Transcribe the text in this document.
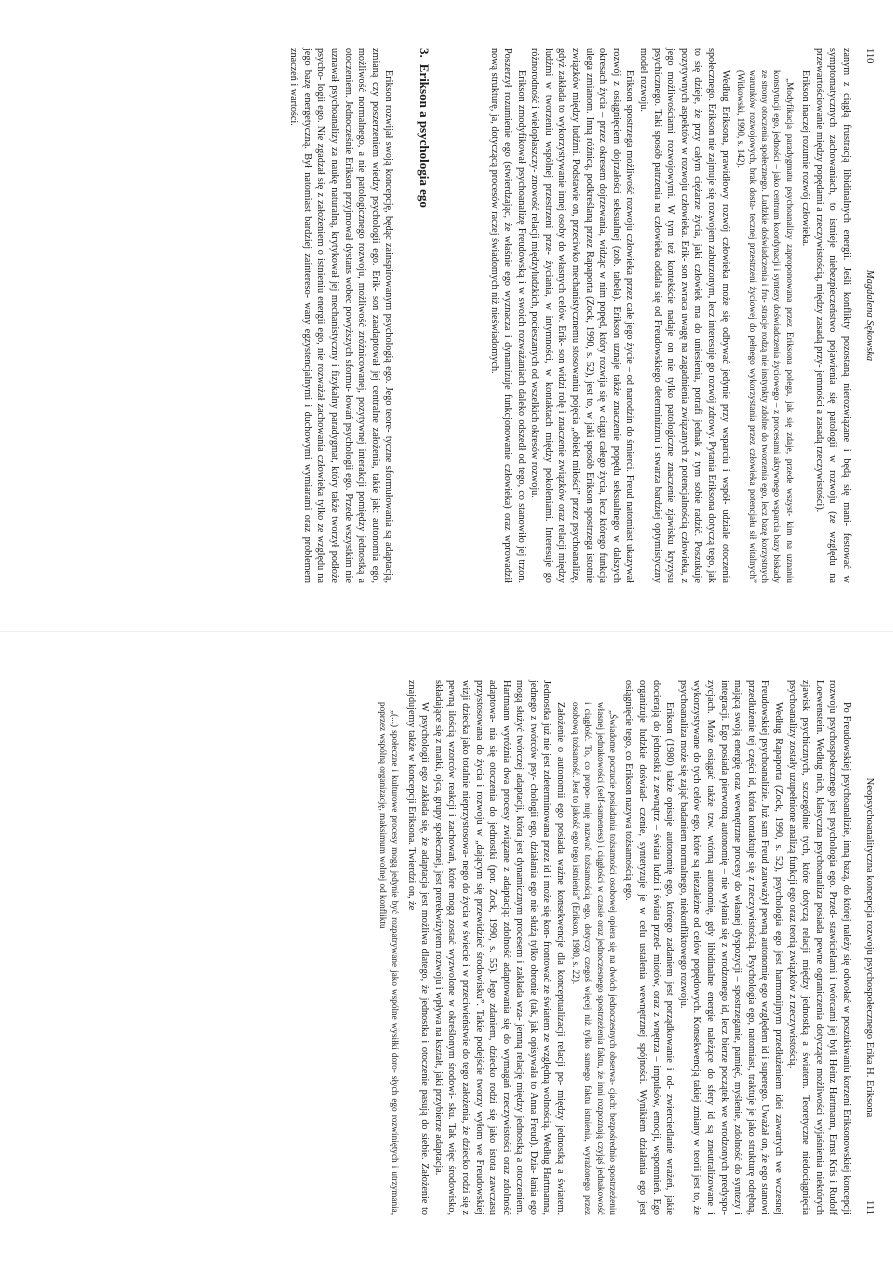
110
Magdalena Sękowska

zanym z ciągłą frustracją libidinalnych energii. Jeśli konflikty pozostaną nierozwiązane i będą się mani- festować w symptomatycznych zachowaniach, to istnieje niebezpieczeństwo pojawienia się patologii w rozwoju (ze względu na przewartościowanie między popędami a rzeczywistością, między zasadą przy- jemności a zasadą rzeczywistości).

Erikson inaczej rozumie rozwój człowieka.

„Modyfikacja paradygmatu psychoanalizy zaproponowana przez Eriksona polega, jak się zdaje, przede wszyst- kim na uznaniu konstytucji ego, jedności – jako centrum koordynacji i syntezy doświadczenia życiowego – z procesami aktywnego wsparcia bazy biskady ze strony otoczenia społecznego. Ludzkie doświadczenia i fru- stracje rodzą nie instynkty zdolne do tworzenia ego, lecz bazę korzystnych warunków rozwojowych, brak dosta- tecznej przestrzeni życiowej do pełnego wykorzystania przez człowieka potencjału sił witalnych” (Witkowski, 1990, s. 142).

Według Eriksona, prawidłowy rozwój człowieka może się odbywać jedynie przy wsparciu i współ- udziale otoczenia społecznego. Erikson nie zajmuje się rozwojem zaburzonym, lecz interesuje go rozwój zdrowy. Pytania Eriksona dotyczą tego, jak to się dzieje, że przy całym ciężarze życia, jaki człowiek ma do uniesienia, potrafi jednak z tym sobie radzić. Poszukuje pozytywnych aspektów w rozwoju człowieka. Erik- son zwraca uwagę na zagadnienia związanych z potencjalnością człowieka, z jego możliwościami rozwojowymi. W tym też kontekście nadaje on nie tylko patologiczne znaczenie zjawisku kryzysu psychicznego. Taki sposób patrzenia na człowieka oddala się od Freudowskiego determinizmu i stwarza bardziej optymistyczny model rozwoju.

Erikson spostrzega możliwość rozwoju człowieka przez całe jego życie – od narodzin do śmierci. Freud natomiast ukazywał rozwój z osiągnięciem dojrzałości seksualnej (zob. tabela). Erikson uznaje także znaczenie popędu seksualnego w dalszych okresach życia – przez okresem dojrzewania, widząc w nim popęd, który rozwija się w ciągu całego życia, lecz którego funkcja ulega zmianom. Inną różnicą, podkreślaną przez Rapaporta (Zock, 1990, s. 52), jest to, w jaki sposób Erikson spostrzega istotnie związków między ludźmi. Podstawie on, przeciwko mechanistycznemu stosowaniu pojęcia „obiekt miłości” przez psychoanalizę, gdyż zakłada to wykorzystywanie innej osoby do własnych celów. Erik- son widzi rolę i znaczenie związków oraz relacji między ludźmi w tworzeniu wspólnej przestrzeni prze- życiania, w intymności, w kontaktach między pokoleniami. Interesuje go różnorodność i wielopłaszczy- znowość relacji międzyludzkich, pocieszanych od wszelkich okresów rozwoju.

Erikson zmodyfikował psychoanalizę Freudowską i w swoich rozważaniach daleko odszedł od tego, co stanowiło jej trzon. Poszerzył rozumienie ego (stwierdzając, że właśnie ego wyznacza i dynamizuje funkcjonowanie człowieka) oraz wprowadził nową strukturę, ja, dotyczącą procesów raczej świadomych niż nieświadomych.

3.Erikson a psychologia ego

Erikson rozwijał swoją koncepcję, będąc zainspirowanym psychologią ego. Jego teore- tyczne sformułowania są adaptacją, zmianą czy poszerzeniem wiedzy psychologii ego. Erik- son zaadaptował jej centralne założenia, takie jak: autonomia ego, możliwość normalnego, a nie patologicznego rozwoju, możliwość zróżnicowanej, pozytywnej interakcji pomiędzy jednostką a otoczeniem. Jednocześnie Erikson przyjmował dystans wobec powyższych sformu- łowań psychologii ego. Przede wszystkim nie uznawał psychoanalizy za naukę naturalną, krytykował jej mechanistyczny i fizykalny paradygmat, który także tworzył podłoże psycho- logii ego. Nie zgadzał się z założeniem o istnieniu energii ego, nie rozważał zachowania człowieka tylko ze względu na jego bazę energetyczną. Był natomiast bardziej zaintereso- wany egzystencjalnymi i duchowymi wymiarami oraz problemem znaczeń i wartości.

Neopsychoanalityczna koncepcja rozwoju psychospołecznego Erika H. Eriksona
111

Po Freudowskiej psychoanalizie, inną bazą, do której należy się odwołać w poszukiwaniu korzeni Eriksonowskiej koncepcji rozwoju psychospołecznego jest psychologia ego. Przed- stawicielami i twórcami jej byli Heinz Hartmann, Ernst Kris i Rudolf Loewenstein. Według nich, klasyczna psychoanaliza posiada pewne ograniczenia dotyczące możliwości wyjaśnienia niektórych zjawisk psychicznych, szczególnie tych, które dotyczą relacji między jednostką a światem. Teoretyczne niedociągnięcia psychoanalizy zostały uzupełnione analizą funkcji ego oraz teorią związków z rzeczywistością.

Według Rapaporta (Zock, 1990, s. 52), psychologia ego jest harmonijnym przedłużeniem idei zawartych we wczesnej Freudowskiej psychoanalizie. Już sam Freud zauważył pewną autonomię ego względem id i superego. Uważał on, że ego stanowi przedłużenie tej części id, która kontaktuje się z rzeczywistością. Psychologia ego, natomiast, traktuje je jako strukturę odrębną, mającą swoją energię oraz wewnętrzne procesy do własnej dyspozycji – spostrzeganie, pamięć, myślenie, zdolność do syntezy i integracji. Ego posiada pierwotną autonomię – nie wyłania się z wrodzonego id, lecz bierze początek we wrodzonych predyspo- zycjach. Może osiągać także tzw. wtórną autonomię, gdy libidinalne energie należące do sfery id są zneutralizowane i wykorzystywane do tych celów ego, które są niezależne od celów popędowych. Konsekwencją takiej zmiany w teorii jest to, że psychoanaliza może się zająć badaniem normalnego, niekonfliktowego rozwoju.

Erikson (1980) także opisuje autonomię ego, którego zadaniem jest porządkowanie i od- zwierciedlanie wrażeń, jakie docierają do jednostki z zewnątrz – świata ludzi i świata przed- miotów, oraz z wnętrza – impulsów, emocji, wspomnień. Ego organizuje ludzkie doświad- czenie, syntetyzuje je w celu ustalenia wewnętrznej spójności. Wynikiem działania ego jest osiągnięcie tego, co Erikson nazywa tożsamością ego.

„Świadome poczucie posiadania tożsamości osobowej opiera się na dwóch jednoczesnych obserwa- cjach: bezpośrednio spostrzeżeniu własnej jednakowości (self-sameness) i ciągłości w czasie oraz jednoczesnego spostrzeżenia faktu, że inni rozpoznają czyjąś jednakowość i ciągłość. To, co propo- nuję nazwać tożsamością ego, dotyczy czegoś więcej niż tylko samego faktu istnienia, wyrażonego przez osobową tożsamość. Jest to jakość ego tego istnienia” (Erikson, 1980, s. 22).

Założenie o autonomii ego posiada ważne konsekwencje dla konceptualizacji relacji po- między jednostką a światem. Jednostka już nie jest zdeterminowana przez id i może się kon- frontować ze światem ze względną wolnością. Według Hartmanna, jednego z twórców psy- chologii ego, działania ego nie służą tylko obronie (tak, jak opisywała to Anna Freud). Dzia- łania ego mogą służyć twórczej adaptacji, która jest dynamicznym procesem i zakłada wza- jemną relację między jednostką a otoczeniem. Hartmann wyróżnia dwa procesy związane z adaptacją: zdolność adaptowania się do wymagań rzeczywistości oraz zdolność adaptowa- nia się otoczenia do jednostki (por. Zock, 1990, s. 55). Jego zdaniem, dziecko rodzi się jako istota zawczasu przystosowana do życia i rozwoju w „dającym się przewidzieć środowisku”. Takie podejście tworzy wyłom we Freudowskiej wizji dziecka jako totalnie nieprzystosowa- nego do życia w świecie i w przeciwieństwie do tego założenia, że dziecko rodzi się z pewną ilością wzorców reakcji i zachowań, które mogą zostać wyzwolone w określonym środowi- sku. Tak więc środowisko, składające się z matki, ojca, grupy społecznej, jest prerekwizytem rozwoju i wpływa na kształt, jaki przybierze adaptacja.

W psychologii ego zakłada się, że adaptacja jest możliwa dlatego, że jednostka i otoczenie pasują do siebie. Założenie to znajdujemy także w koncepcji Eriksona. Twierdzi on, że

„(...) społeczne i kulturowe procesy mogą jedynie być rozpatrywane jako wspólne wysiłki doro- słych ego rozwiniętych i utrzymania, poprzez wspólną organizację, maksimum wolnej od konfliktu
